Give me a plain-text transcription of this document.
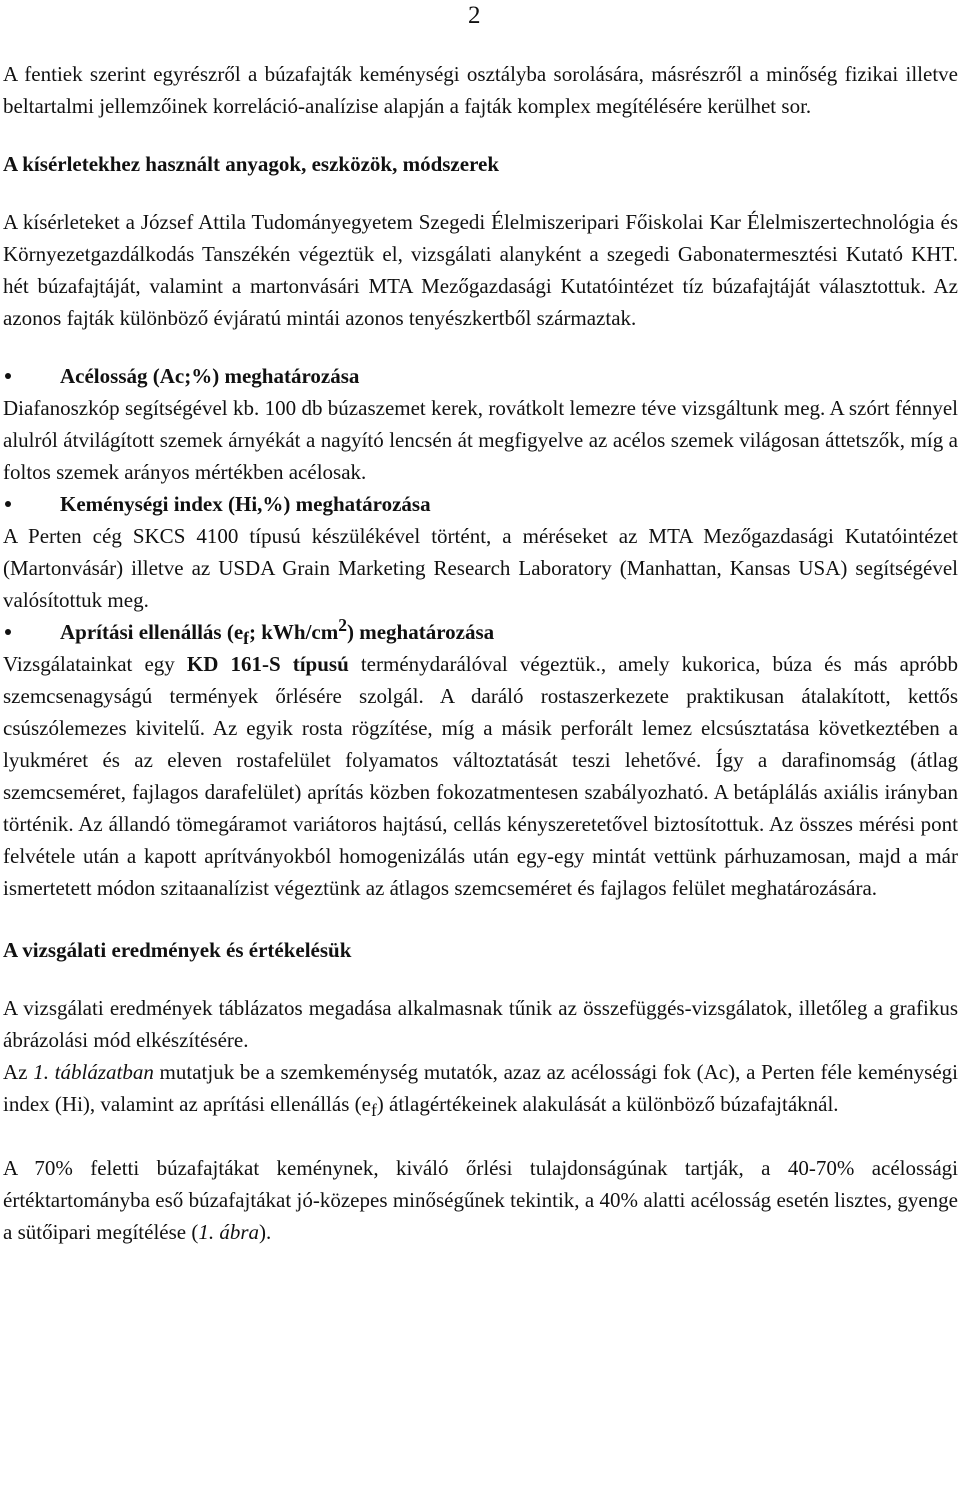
2

A fentiek szerint egyrészről a búzafajták keménységi osztályba sorolására, másrészről a minőség fizikai illetve beltartalmi jellemzőinek korreláció-analízise alapján a fajták komplex megítélésére kerülhet sor.

A kísérletekhez használt anyagok, eszközök, módszerek

A kísérleteket a József Attila Tudományegyetem Szegedi Élelmiszeripari Főiskolai Kar Élelmiszertechnológia és Környezetgazdálkodás Tanszékén végeztük el, vizsgálati alanyként a szegedi Gabonatermesztési Kutató KHT. hét búzafajtáját, valamint a martonvásári MTA Mezőgazdasági Kutatóintézet tíz búzafajtáját választottuk. Az azonos fajták különböző évjáratú mintái azonos tenyészkertből származtak.

Acélosság (Ac;%) meghatározása

Diafanoszkóp segítségével kb. 100 db búzaszemet kerek, rovátkolt lemezre téve vizsgáltunk meg. A szórt fénnyel alulról átvilágított szemek árnyékát a nagyító lencsén át megfigyelve az acélos szemek világosan áttetszők, míg a foltos szemek arányos mértékben acélosak.

Keménységi index (Hi,%) meghatározása

A Perten cég SKCS 4100 típusú készülékével történt, a méréseket az MTA Mezőgazdasági Kutatóintézet (Martonvásár) illetve az USDA Grain Marketing Research Laboratory (Manhattan, Kansas USA) segítségével valósítottuk meg.

Aprítási ellenállás ($e_f$; kWh/$cm^2$) meghatározása

Vizsgálatainkat egy KD 161-S típusú terménydarálóval végeztük., amely kukorica, búza és más apróbb szemcsenagyságú termények őrlésére szolgál. A daráló rostaszerkezete praktikusan átalakított, kettős csúszólemezes kivitelű. Az egyik rosta rögzítése, míg a másik perforált lemez elcsúsztatása következtében a lyukméret és az eleven rostafelület folyamatos változtatását teszi lehetővé. Így a darafinomság (átlag szemcseméret, fajlagos darafelület) aprítás közben fokozatmentesen szabályozható. A betáplálás axiális irányban történik. Az állandó tömegáramot variátoros hajtású, cellás kényszeretetővel biztosítottuk. Az összes mérési pont felvétele után a kapott aprítványokból homogenizálás után egy-egy mintát vettünk párhuzamosan, majd a már ismertetett módon szitaanalízist végeztünk az átlagos szemcseméret és fajlagos felület meghatározására.

A vizsgálati eredmények és értékelésük

A vizsgálati eredmények táblázatos megadása alkalmasnak tűnik az összefüggés-vizsgálatok, illetőleg a grafikus ábrázolási mód elkészítésére.

Az 1. táblázatban mutatjuk be a szemkeménység mutatók, azaz az acélossági fok (Ac), a Perten féle keménységi index (Hi), valamint az aprítási ellenállás $(e_f)$ átlagértékeinek alakulását a különböző búzafajtáknál.

A 70% feletti búzafajtákat keménynek, kiváló őrlési tulajdonságúnak tartják, a 40-70% acélossági értéktartományba eső búzafajtákat jó-közepes minőségűnek tekintik, a 40% alatti acélosság esetén lisztes, gyenge a sütőipari megítélése (1. ábra).
